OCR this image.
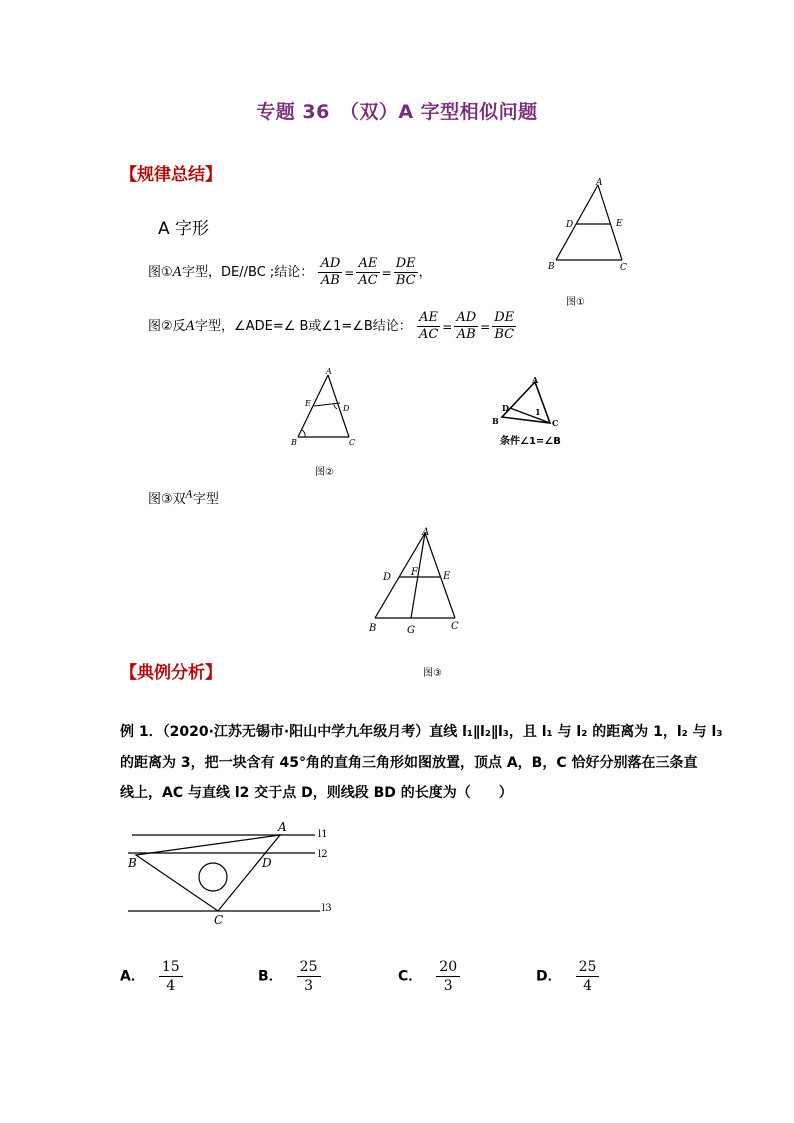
专题 36　（双）A 字型相似问题
【规律总结】
A 字形
图①A字型，DE//BC ;结论： $\frac{AD}{AB} = \frac{AE}{AC} = \frac{DE}{BC}$ ，
图②反A字型，∠ADE=∠ B或∠1=∠B结论： $\frac{AE}{AC} = \frac{AD}{AB} = \frac{DE}{BC}$
A
D	E
B	C
图①
A
E
D
B	C
图②
A
D	1
B	C
条件∠1=∠B
图③双$^A$字型
A
D F	E
B	G	C
图③
【典例分析】
例 1．（2020·江苏无锡市·阳山中学九年级月考）直线 l₁∥l₂∥l₃，且 l₁ 与 l₂ 的距离为 1，l₂ 与 l₃
的距离为 3，把一块含有 45°角的直角三角形如图放置，顶点 A，B，C 恰好分别落在三条直
线上，AC 与直线 l2 交于点 D，则线段 BD 的长度为（　　）
A
B	D
C
l1
l2
l3
A． $\frac{15}{4}$	B． $\frac{25}{3}$	C． $\frac{20}{3}$	D． $\frac{25}{4}$
